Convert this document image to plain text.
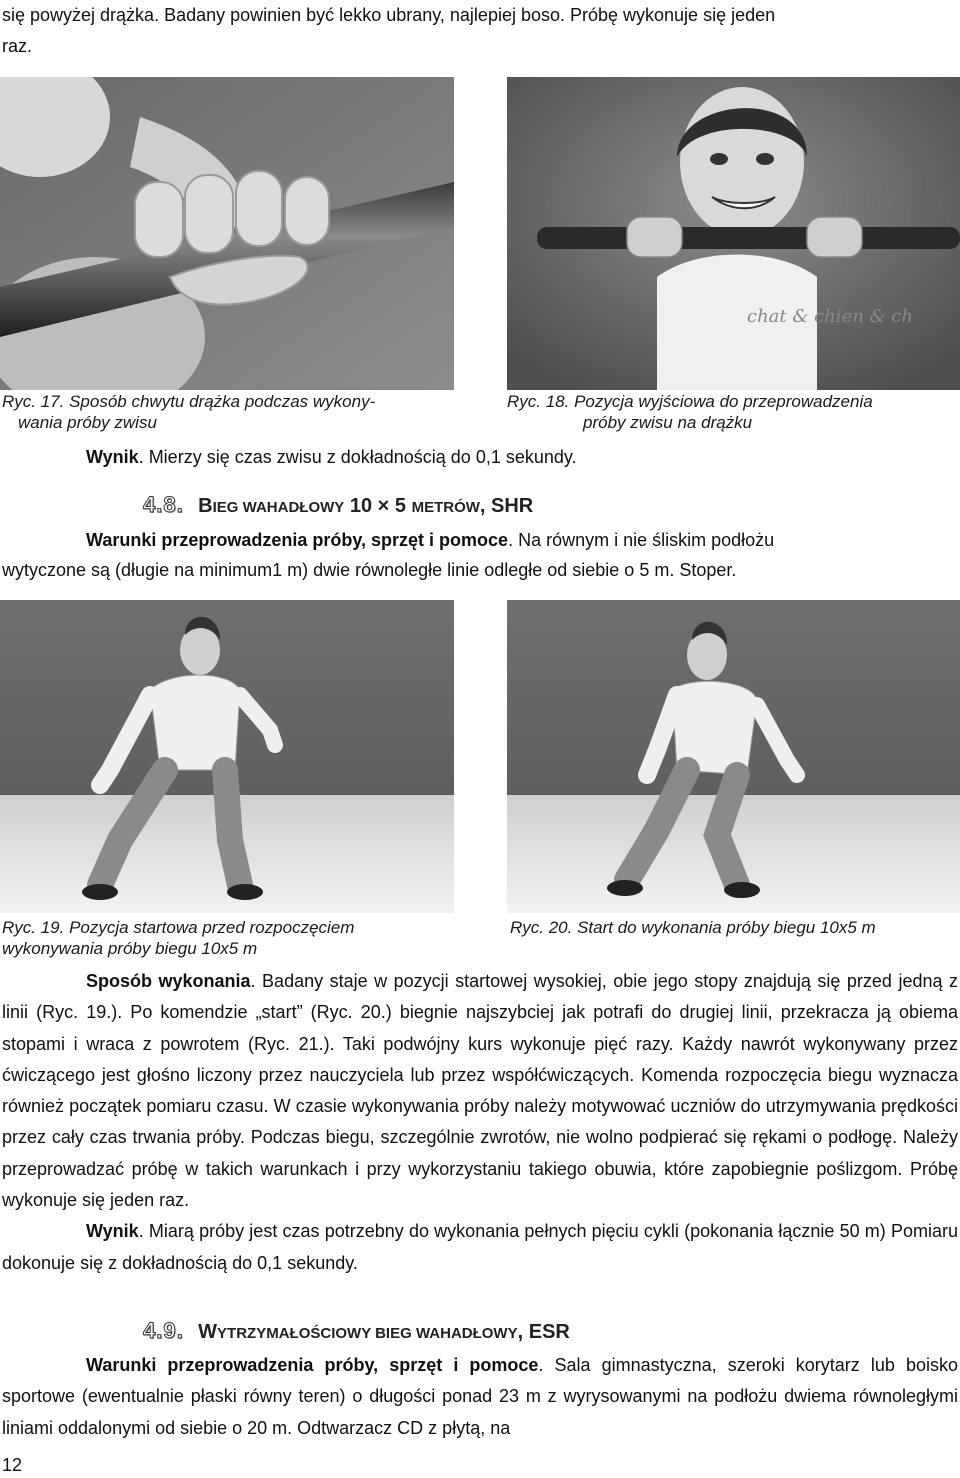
się powyżej drążka. Badany powinien być lekko ubrany, najlepiej boso. Próbę wykonuje się jeden
raz.
chat & chien & ch
Ryc. 17. Sposób chwytu drążka podczas wykony-
wania próby zwisu
Ryc. 18. Pozycja wyjściowa do przeprowadzenia
próby zwisu na drążku
Wynik. Mierzy się czas zwisu z dokładnością do 0,1 sekundy.
4.8. BIEG WAHADŁOWY 10 × 5 METRÓW, SHR
Warunki przeprowadzenia próby, sprzęt i pomoce. Na równym i nie śliskim podłożu
wytyczone są (długie na minimum1 m) dwie równoległe linie odległe od siebie o 5 m. Stoper.
Ryc. 19. Pozycja startowa przed rozpoczęciem
wykonywania próby biegu 10x5 m
Ryc. 20. Start do wykonania próby biegu 10x5 m

Sposób wykonania. Badany staje w pozycji startowej wysokiej, obie jego stopy znajdują się przed jedną z linii (Ryc. 19.). Po komendzie „start” (Ryc. 20.) biegnie najszybciej jak potrafi do drugiej linii, przekracza ją obiema stopami i wraca z powrotem (Ryc. 21.). Taki podwójny kurs wykonuje pięć razy. Każdy nawrót wykonywany przez ćwiczącego jest głośno liczony przez nauczyciela lub przez współćwiczących. Komenda rozpoczęcia biegu wyznacza również początek pomiaru czasu. W czasie wykonywania próby należy motywować uczniów do utrzymywania prędkości przez cały czas trwania próby. Podczas biegu, szczególnie zwrotów, nie wolno podpierać się rękami o podłogę. Należy przeprowadzać próbę w takich warunkach i przy wykorzystaniu takiego obuwia, które zapobiegnie poślizgom. Próbę wykonuje się jeden raz.

Wynik. Miarą próby jest czas potrzebny do wykonania pełnych pięciu cykli (pokonania łącznie 50 m) Pomiaru dokonuje się z dokładnością do 0,1 sekundy.

4.9. WYTRZYMAŁOŚCIOWY BIEG WAHADŁOWY, ESR

Warunki przeprowadzenia próby, sprzęt i pomoce. Sala gimnastyczna, szeroki korytarz lub boisko sportowe (ewentualnie płaski równy teren) o długości ponad 23 m z wyrysowanymi na podłożu dwiema równoległymi liniami oddalonymi od siebie o 20 m. Odtwarzacz CD z płytą, na

12
